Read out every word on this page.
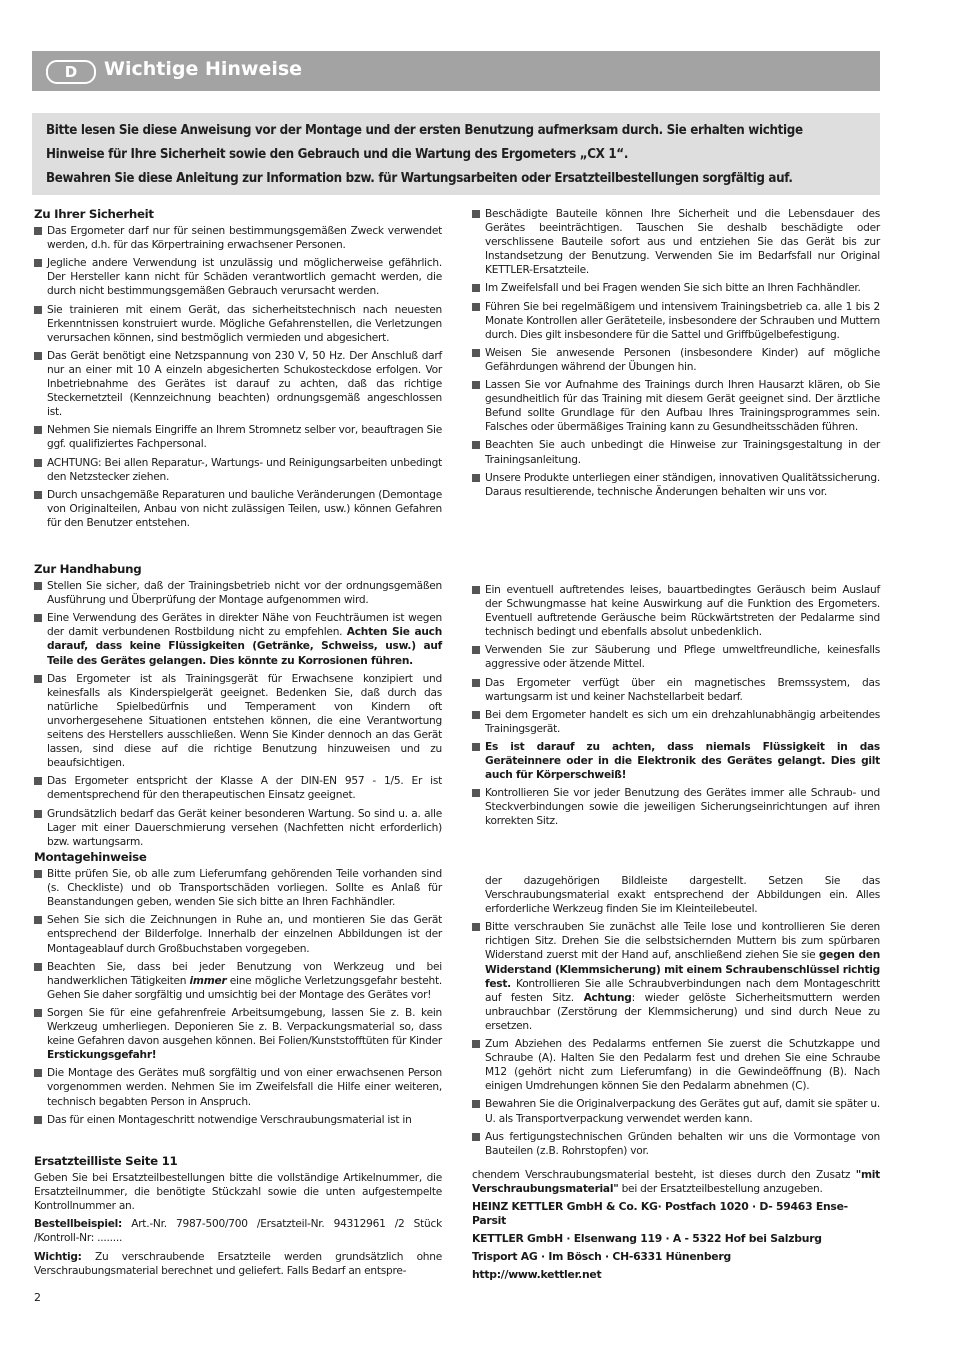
D	Wichtige Hinweise

Bitte lesen Sie diese Anweisung vor der Montage und der ersten Benutzung aufmerksam durch. Sie erhalten wichtige

Hinweise für Ihre Sicherheit sowie den Gebrauch und die Wartung des Ergometers „CX 1“.

Bewahren Sie diese Anleitung zur Information bzw. für Wartungsarbeiten oder Ersatzteilbestellungen sorgfältig auf.

Zu Ihrer Sicherheit
Das Ergometer darf nur für seinen bestimmungsgemäßen Zweck verwendet werden, d.h. für das Körpertraining erwachsener Personen.
Jegliche andere Verwendung ist unzulässig und möglicherweise gefährlich. Der Hersteller kann nicht für Schäden verantwortlich gemacht werden, die durch nicht bestimmungsgemäßen Gebrauch verursacht werden.
Sie trainieren mit einem Gerät, das sicherheitstechnisch nach neuesten Erkenntnissen konstruiert wurde. Mögliche Gefahrenstellen, die Verletzungen verursachen können, sind bestmöglich vermieden und abgesichert.
Das Gerät benötigt eine Netzspannung von 230 V, 50 Hz. Der Anschluß darf nur an einer mit 10 A einzeln abgesicherten Schukosteckdose erfolgen. Vor Inbetriebnahme des Gerätes ist darauf zu achten, daß das richtige Steckernetzteil (Kennzeichnung beachten) ordnungsgemäß angeschlossen ist.
Nehmen Sie niemals Eingriffe an Ihrem Stromnetz selber vor, beauftragen Sie ggf. qualifiziertes Fachpersonal.
ACHTUNG: Bei allen Reparatur-, Wartungs- und Reinigungsarbeiten unbedingt den Netzstecker ziehen.
Durch unsachgemäße Reparaturen und bauliche Veränderungen (Demontage von Originalteilen, Anbau von nicht zulässigen Teilen, usw.) können Gefahren für den Benutzer entstehen.
Zur Handhabung
Stellen Sie sicher, daß der Trainingsbetrieb nicht vor der ordnungsgemäßen Ausführung und Überprüfung der Montage aufgenommen wird.
Eine Verwendung des Gerätes in direkter Nähe von Feuchträumen ist wegen der damit verbundenen Rostbildung nicht zu empfehlen. Achten Sie auch darauf, dass keine Flüssigkeiten (Getränke, Schweiss, usw.) auf Teile des Gerätes gelangen. Dies könnte zu Korrosionen führen.
Das Ergometer ist als Trainingsgerät für Erwachsene konzipiert und keinesfalls als Kinderspielgerät geeignet. Bedenken Sie, daß durch das natürliche Spielbedürfnis und Temperament von Kindern oft unvorhergesehene Situationen entstehen können, die eine Verantwortung seitens des Herstellers ausschließen. Wenn Sie Kinder dennoch an das Gerät lassen, sind diese auf die richtige Benutzung hinzuweisen und zu beaufsichtigen.
Das Ergometer entspricht der Klasse A der DIN-EN 957 - 1/5. Er ist dementsprechend für den therapeutischen Einsatz geeignet.
Grundsätzlich bedarf das Gerät keiner besonderen Wartung. So sind u. a. alle Lager mit einer Dauerschmierung versehen (Nachfetten nicht erforderlich) bzw. wartungsarm.
Montagehinweise
Bitte prüfen Sie, ob alle zum Lieferumfang gehörenden Teile vorhanden sind (s. Checkliste) und ob Transportschäden vorliegen. Sollte es Anlaß für Beanstandungen geben, wenden Sie sich bitte an Ihren Fachhändler.
Sehen Sie sich die Zeichnungen in Ruhe an, und montieren Sie das Gerät entsprechend der Bilderfolge. Innerhalb der einzelnen Abbildungen ist der Montageablauf durch Großbuchstaben vorgegeben.
Beachten Sie, dass bei jeder Benutzung von Werkzeug und bei handwerklichen Tätigkeiten immer eine mögliche Verletzungsgefahr besteht. Gehen Sie daher sorgfältig und umsichtig bei der Montage des Gerätes vor!
Sorgen Sie für eine gefahrenfreie Arbeitsumgebung, lassen Sie z. B. kein Werkzeug umherliegen. Deponieren Sie z. B. Verpackungsmaterial so, dass keine Gefahren davon ausgehen können. Bei Folien/Kunststofftüten für Kinder Erstickungsgefahr!
Die Montage des Gerätes muß sorgfältig und von einer erwachsenen Person vorgenommen werden. Nehmen Sie im Zweifelsfall die Hilfe einer weiteren, technisch begabten Person in Anspruch.
Das für einen Montageschritt notwendige Verschraubungsmaterial ist in
Ersatzteilliste Seite 11
Geben Sie bei Ersatzteilbestellungen bitte die vollständige Artikelnummer, die Ersatzteilnummer, die benötigte Stückzahl sowie die unten aufgestempelte Kontrollnummer an.
Bestellbeispiel: Art.-Nr. 7987-500/700 /Ersatzteil-Nr. 94312961 /2 Stück /Kontroll-Nr: ........
Wichtig: Zu verschraubende Ersatzteile werden grundsätzlich ohne Verschraubungsmaterial berechnet und geliefert. Falls Bedarf an entspre-
Beschädigte Bauteile können Ihre Sicherheit und die Lebensdauer des Gerätes beeinträchtigen. Tauschen Sie deshalb beschädigte oder verschlissene Bauteile sofort aus und entziehen Sie das Gerät bis zur Instandsetzung der Benutzung. Verwenden Sie im Bedarfsfall nur Original KETTLER-Ersatzteile.
Im Zweifelsfall und bei Fragen wenden Sie sich bitte an Ihren Fachhändler.
Führen Sie bei regelmäßigem und intensivem Trainingsbetrieb ca. alle 1 bis 2 Monate Kontrollen aller Geräteteile, insbesondere der Schrauben und Muttern durch. Dies gilt insbesondere für die Sattel und Griffbügelbefestigung.
Weisen Sie anwesende Personen (insbesondere Kinder) auf mögliche Gefährdungen während der Übungen hin.
Lassen Sie vor Aufnahme des Trainings durch Ihren Hausarzt klären, ob Sie gesundheitlich für das Training mit diesem Gerät geeignet sind. Der ärztliche Befund sollte Grundlage für den Aufbau Ihres Trainingsprogrammes sein. Falsches oder übermäßiges Training kann zu Gesundheitsschäden führen.
Beachten Sie auch unbedingt die Hinweise zur Trainingsgestaltung in der Trainingsanleitung.
Unsere Produkte unterliegen einer ständigen, innovativen Qualitätssicherung. Daraus resultierende, technische Änderungen behalten wir uns vor.
Ein eventuell auftretendes leises, bauartbedingtes Geräusch beim Auslauf der Schwungmasse hat keine Auswirkung auf die Funktion des Ergometers. Eventuell auftretende Geräusche beim Rückwärtstreten der Pedalarme sind technisch bedingt und ebenfalls absolut unbedenklich.
Verwenden Sie zur Säuberung und Pflege umweltfreundliche, keinesfalls aggressive oder ätzende Mittel.
Das Ergometer verfügt über ein magnetisches Bremssystem, das wartungsarm ist und keiner Nachstellarbeit bedarf.
Bei dem Ergometer handelt es sich um ein drehzahlunabhängig arbeitendes Trainingsgerät.
Es ist darauf zu achten, dass niemals Flüssigkeit in das Geräteinnere oder in die Elektronik des Gerätes gelangt. Dies gilt auch für Körperschweiß!
Kontrollieren Sie vor jeder Benutzung des Gerätes immer alle Schraub- und Steckverbindungen sowie die jeweiligen Sicherungseinrichtungen auf ihren korrekten Sitz.
der dazugehörigen Bildleiste dargestellt. Setzen Sie das Verschraubungsmaterial exakt entsprechend der Abbildungen ein. Alles erforderliche Werkzeug finden Sie im Kleinteilebeutel.
Bitte verschrauben Sie zunächst alle Teile lose und kontrollieren Sie deren richtigen Sitz. Drehen Sie die selbstsichernden Muttern bis zum spürbaren Widerstand zuerst mit der Hand auf, anschließend ziehen Sie sie gegen den Widerstand (Klemmsicherung) mit einem Schraubenschlüssel richtig fest. Kontrollieren Sie alle Schraubverbindungen nach dem Montageschritt auf festen Sitz. Achtung: wieder gelöste Sicherheitsmuttern werden unbrauchbar (Zerstörung der Klemmsicherung) und sind durch Neue zu ersetzen.
Zum Abziehen des Pedalarms entfernen Sie zuerst die Schutzkappe und Schraube (A). Halten Sie den Pedalarm fest und drehen Sie eine Schraube M12 (gehört nicht zum Lieferumfang) in die Gewindeöffnung (B). Nach einigen Umdrehungen können Sie den Pedalarm abnehmen (C).
Bewahren Sie die Originalverpackung des Gerätes gut auf, damit sie später u. U. als Transportverpackung verwendet werden kann.
Aus fertigungstechnischen Gründen behalten wir uns die Vormontage von Bauteilen (z.B. Rohrstopfen) vor.
chendem Verschraubungsmaterial besteht, ist dieses durch den Zusatz "mit Verschraubungsmaterial" bei der Ersatzteilbestellung anzugeben.
HEINZ KETTLER GmbH & Co. KG· Postfach 1020 · D- 59463 Ense-Parsit
KETTLER GmbH · Elsenwang 119 · A - 5322 Hof bei Salzburg
Trisport AG · Im Bösch · CH-6331 Hünenberg
http://www.kettler.net
2
